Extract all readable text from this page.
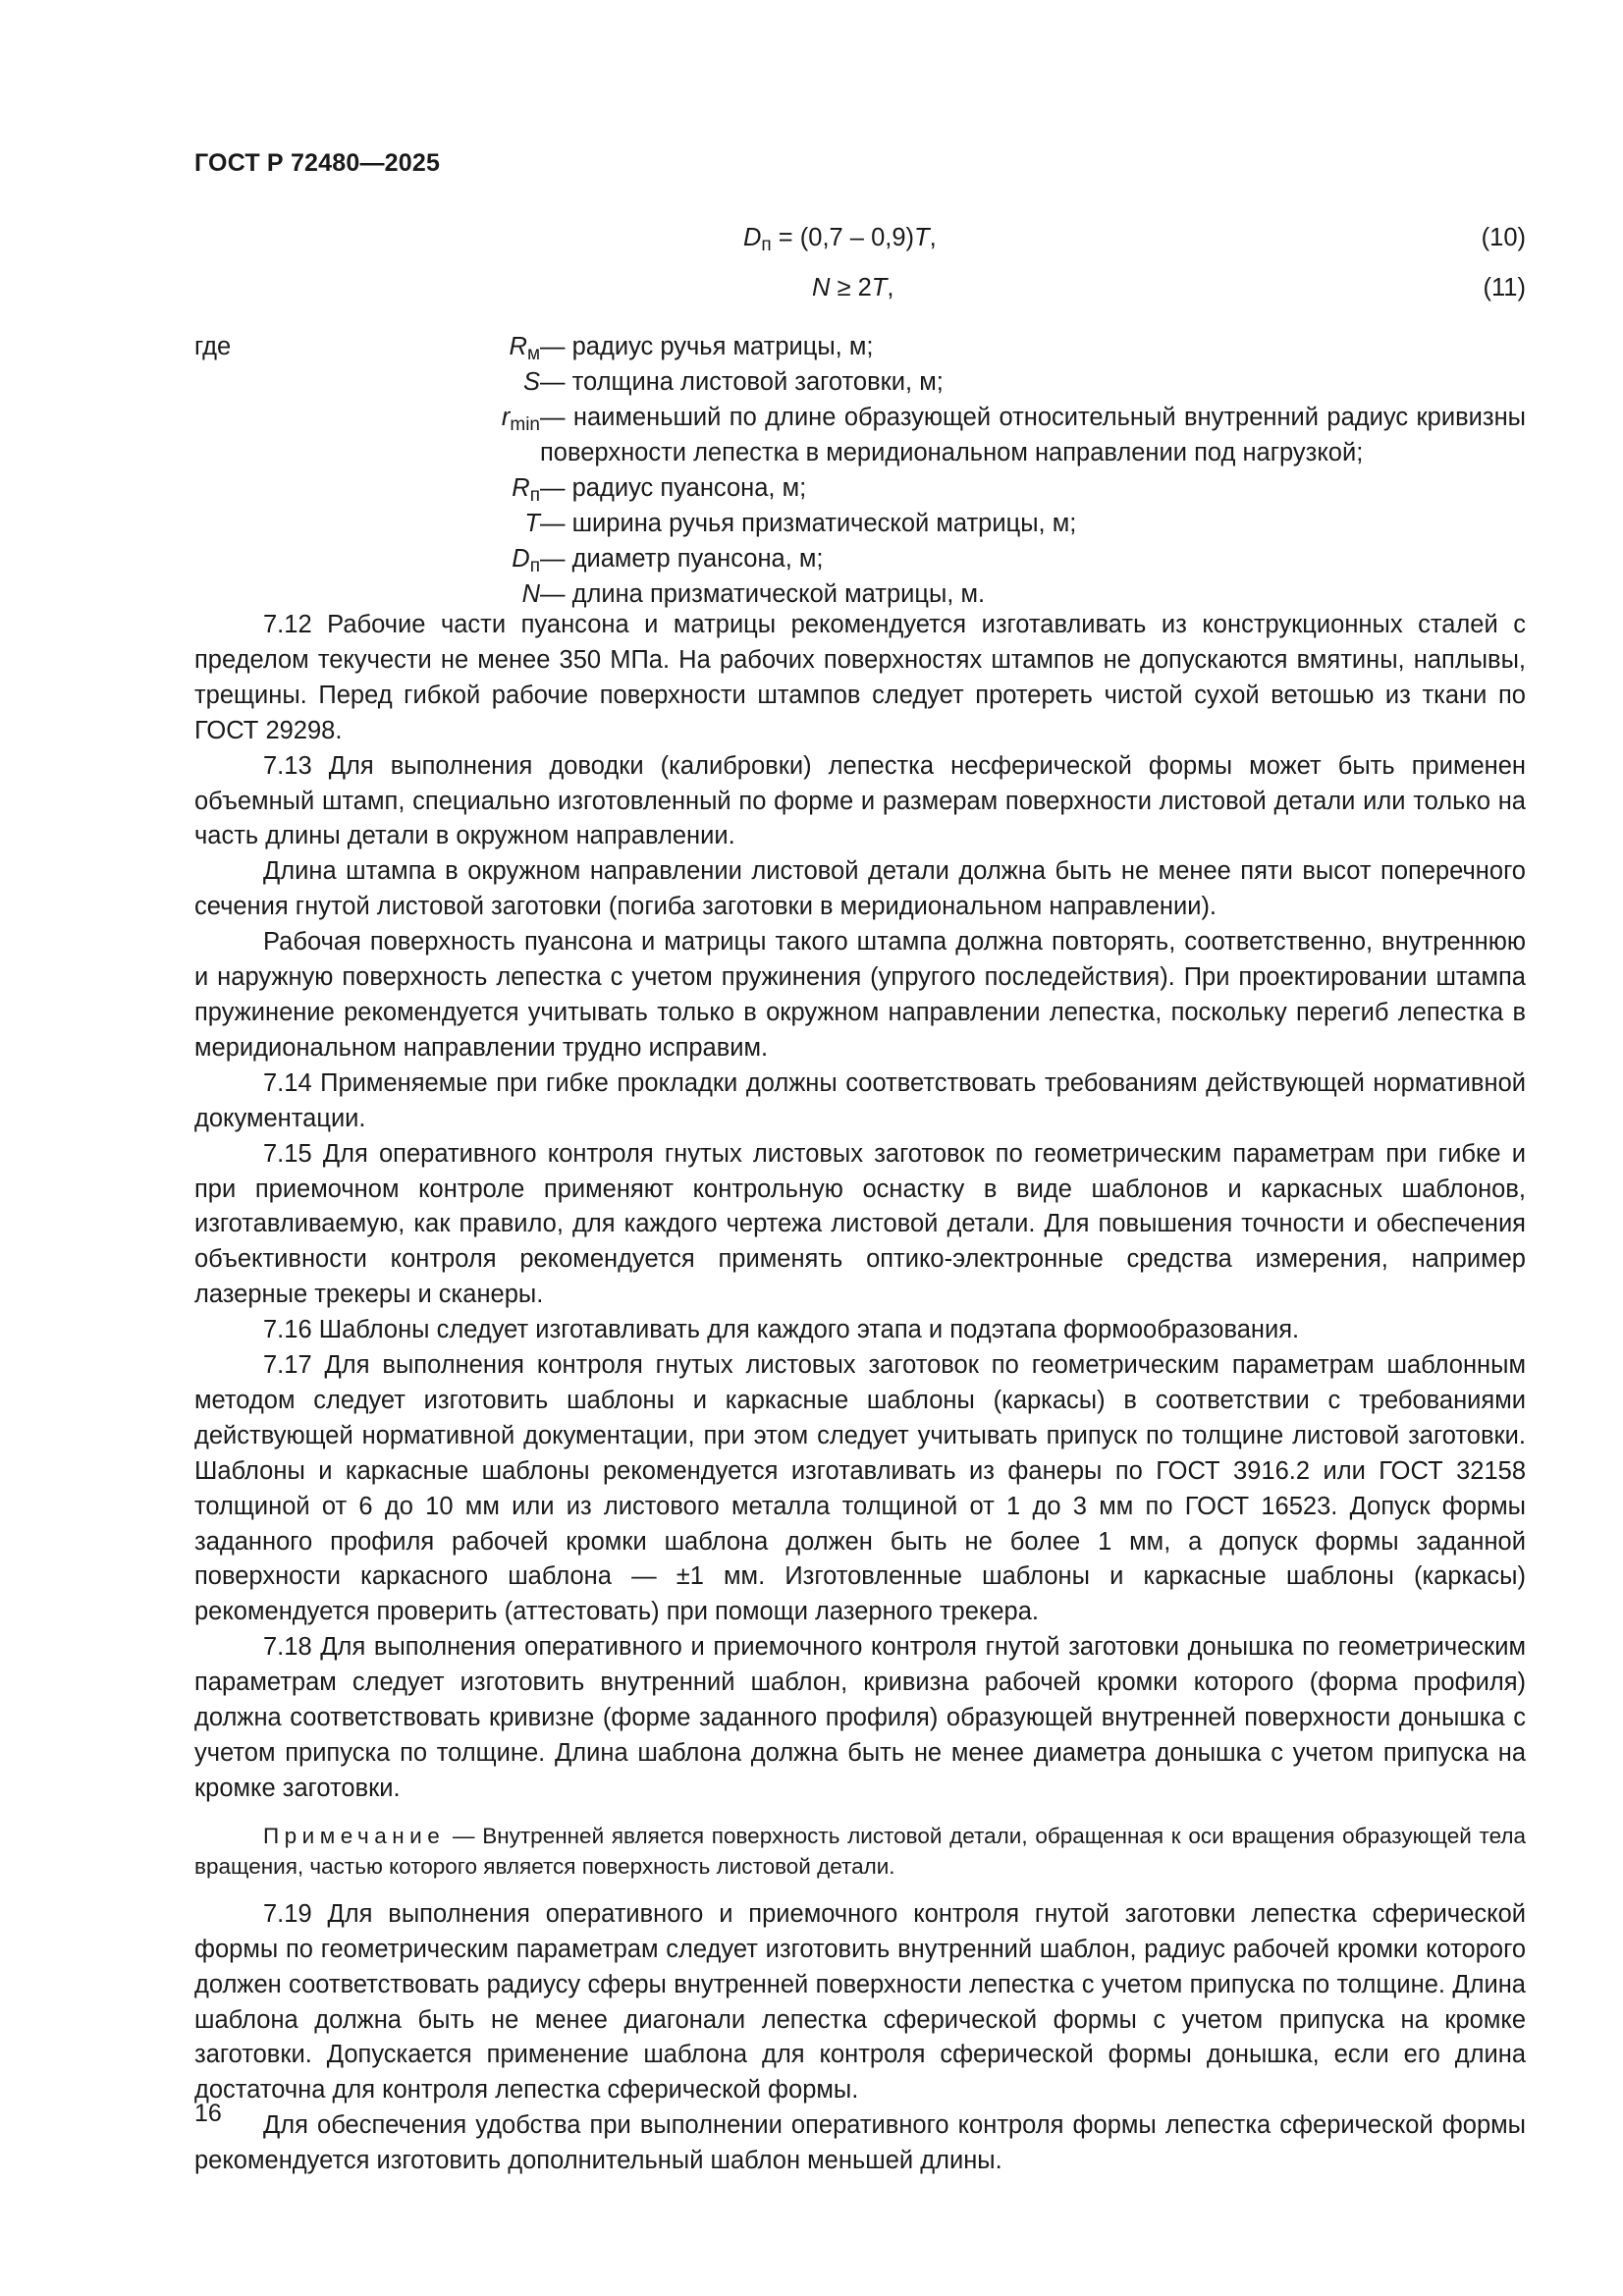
ГОСТ Р 72480—2025
Dп = (0,7 – 0,9)T,	(10)
N ≥ 2T,	(11)
где	$R_м$ — радиус ручья матрицы, м;
S — толщина листовой заготовки, м;
$r_{min}$ — наименьший по длине образующей относительный внутренний радиус кривизны поверхности лепестка в меридиональном направлении под нагрузкой;
$R_п$ — радиус пуансона, м;
T — ширина ручья призматической матрицы, м;
$D_п$ — диаметр пуансона, м;
N — длина призматической матрицы, м.

7.12 Рабочие части пуансона и матрицы рекомендуется изготавливать из конструкционных сталей с пределом текучести не менее 350 МПа. На рабочих поверхностях штампов не допускаются вмятины, наплывы, трещины. Перед гибкой рабочие поверхности штампов следует протереть чистой сухой ветошью из ткани по ГОСТ 29298.

7.13 Для выполнения доводки (калибровки) лепестка несферической формы может быть применен объемный штамп, специально изготовленный по форме и размерам поверхности листовой детали или только на часть длины детали в окружном направлении.

Длина штампа в окружном направлении листовой детали должна быть не менее пяти высот поперечного сечения гнутой листовой заготовки (погиба заготовки в меридиональном направлении).

Рабочая поверхность пуансона и матрицы такого штампа должна повторять, соответственно, внутреннюю и наружную поверхность лепестка с учетом пружинения (упругого последействия). При проектировании штампа пружинение рекомендуется учитывать только в окружном направлении лепестка, поскольку перегиб лепестка в меридиональном направлении трудно исправим.

7.14 Применяемые при гибке прокладки должны соответствовать требованиям действующей нормативной документации.

7.15 Для оперативного контроля гнутых листовых заготовок по геометрическим параметрам при гибке и при приемочном контроле применяют контрольную оснастку в виде шаблонов и каркасных шаблонов, изготавливаемую, как правило, для каждого чертежа листовой детали. Для повышения точности и обеспечения объективности контроля рекомендуется применять оптико-электронные средства измерения, например лазерные трекеры и сканеры.

7.16 Шаблоны следует изготавливать для каждого этапа и подэтапа формообразования.

7.17 Для выполнения контроля гнутых листовых заготовок по геометрическим параметрам шаблонным методом следует изготовить шаблоны и каркасные шаблоны (каркасы) в соответствии с требованиями действующей нормативной документации, при этом следует учитывать припуск по толщине листовой заготовки. Шаблоны и каркасные шаблоны рекомендуется изготавливать из фанеры по ГОСТ 3916.2 или ГОСТ 32158 толщиной от 6 до 10 мм или из листового металла толщиной от 1 до 3 мм по ГОСТ 16523. Допуск формы заданного профиля рабочей кромки шаблона должен быть не более 1 мм, а допуск формы заданной поверхности каркасного шаблона — ±1 мм. Изготовленные шаблоны и каркасные шаблоны (каркасы) рекомендуется проверить (аттестовать) при помощи лазерного трекера.

7.18 Для выполнения оперативного и приемочного контроля гнутой заготовки донышка по геометрическим параметрам следует изготовить внутренний шаблон, кривизна рабочей кромки которого (форма профиля) должна соответствовать кривизне (форме заданного профиля) образующей внутренней поверхности донышка с учетом припуска по толщине. Длина шаблона должна быть не менее диаметра донышка с учетом припуска на кромке заготовки.

Примечание — Внутренней является поверхность листовой детали, обращенная к оси вращения образующей тела вращения, частью которого является поверхность листовой детали.

7.19 Для выполнения оперативного и приемочного контроля гнутой заготовки лепестка сферической формы по геометрическим параметрам следует изготовить внутренний шаблон, радиус рабочей кромки которого должен соответствовать радиусу сферы внутренней поверхности лепестка с учетом припуска по толщине. Длина шаблона должна быть не менее диагонали лепестка сферической формы с учетом припуска на кромке заготовки. Допускается применение шаблона для контроля сферической формы донышка, если его длина достаточна для контроля лепестка сферической формы.

Для обеспечения удобства при выполнении оперативного контроля формы лепестка сферической формы рекомендуется изготовить дополнительный шаблон меньшей длины.

16
